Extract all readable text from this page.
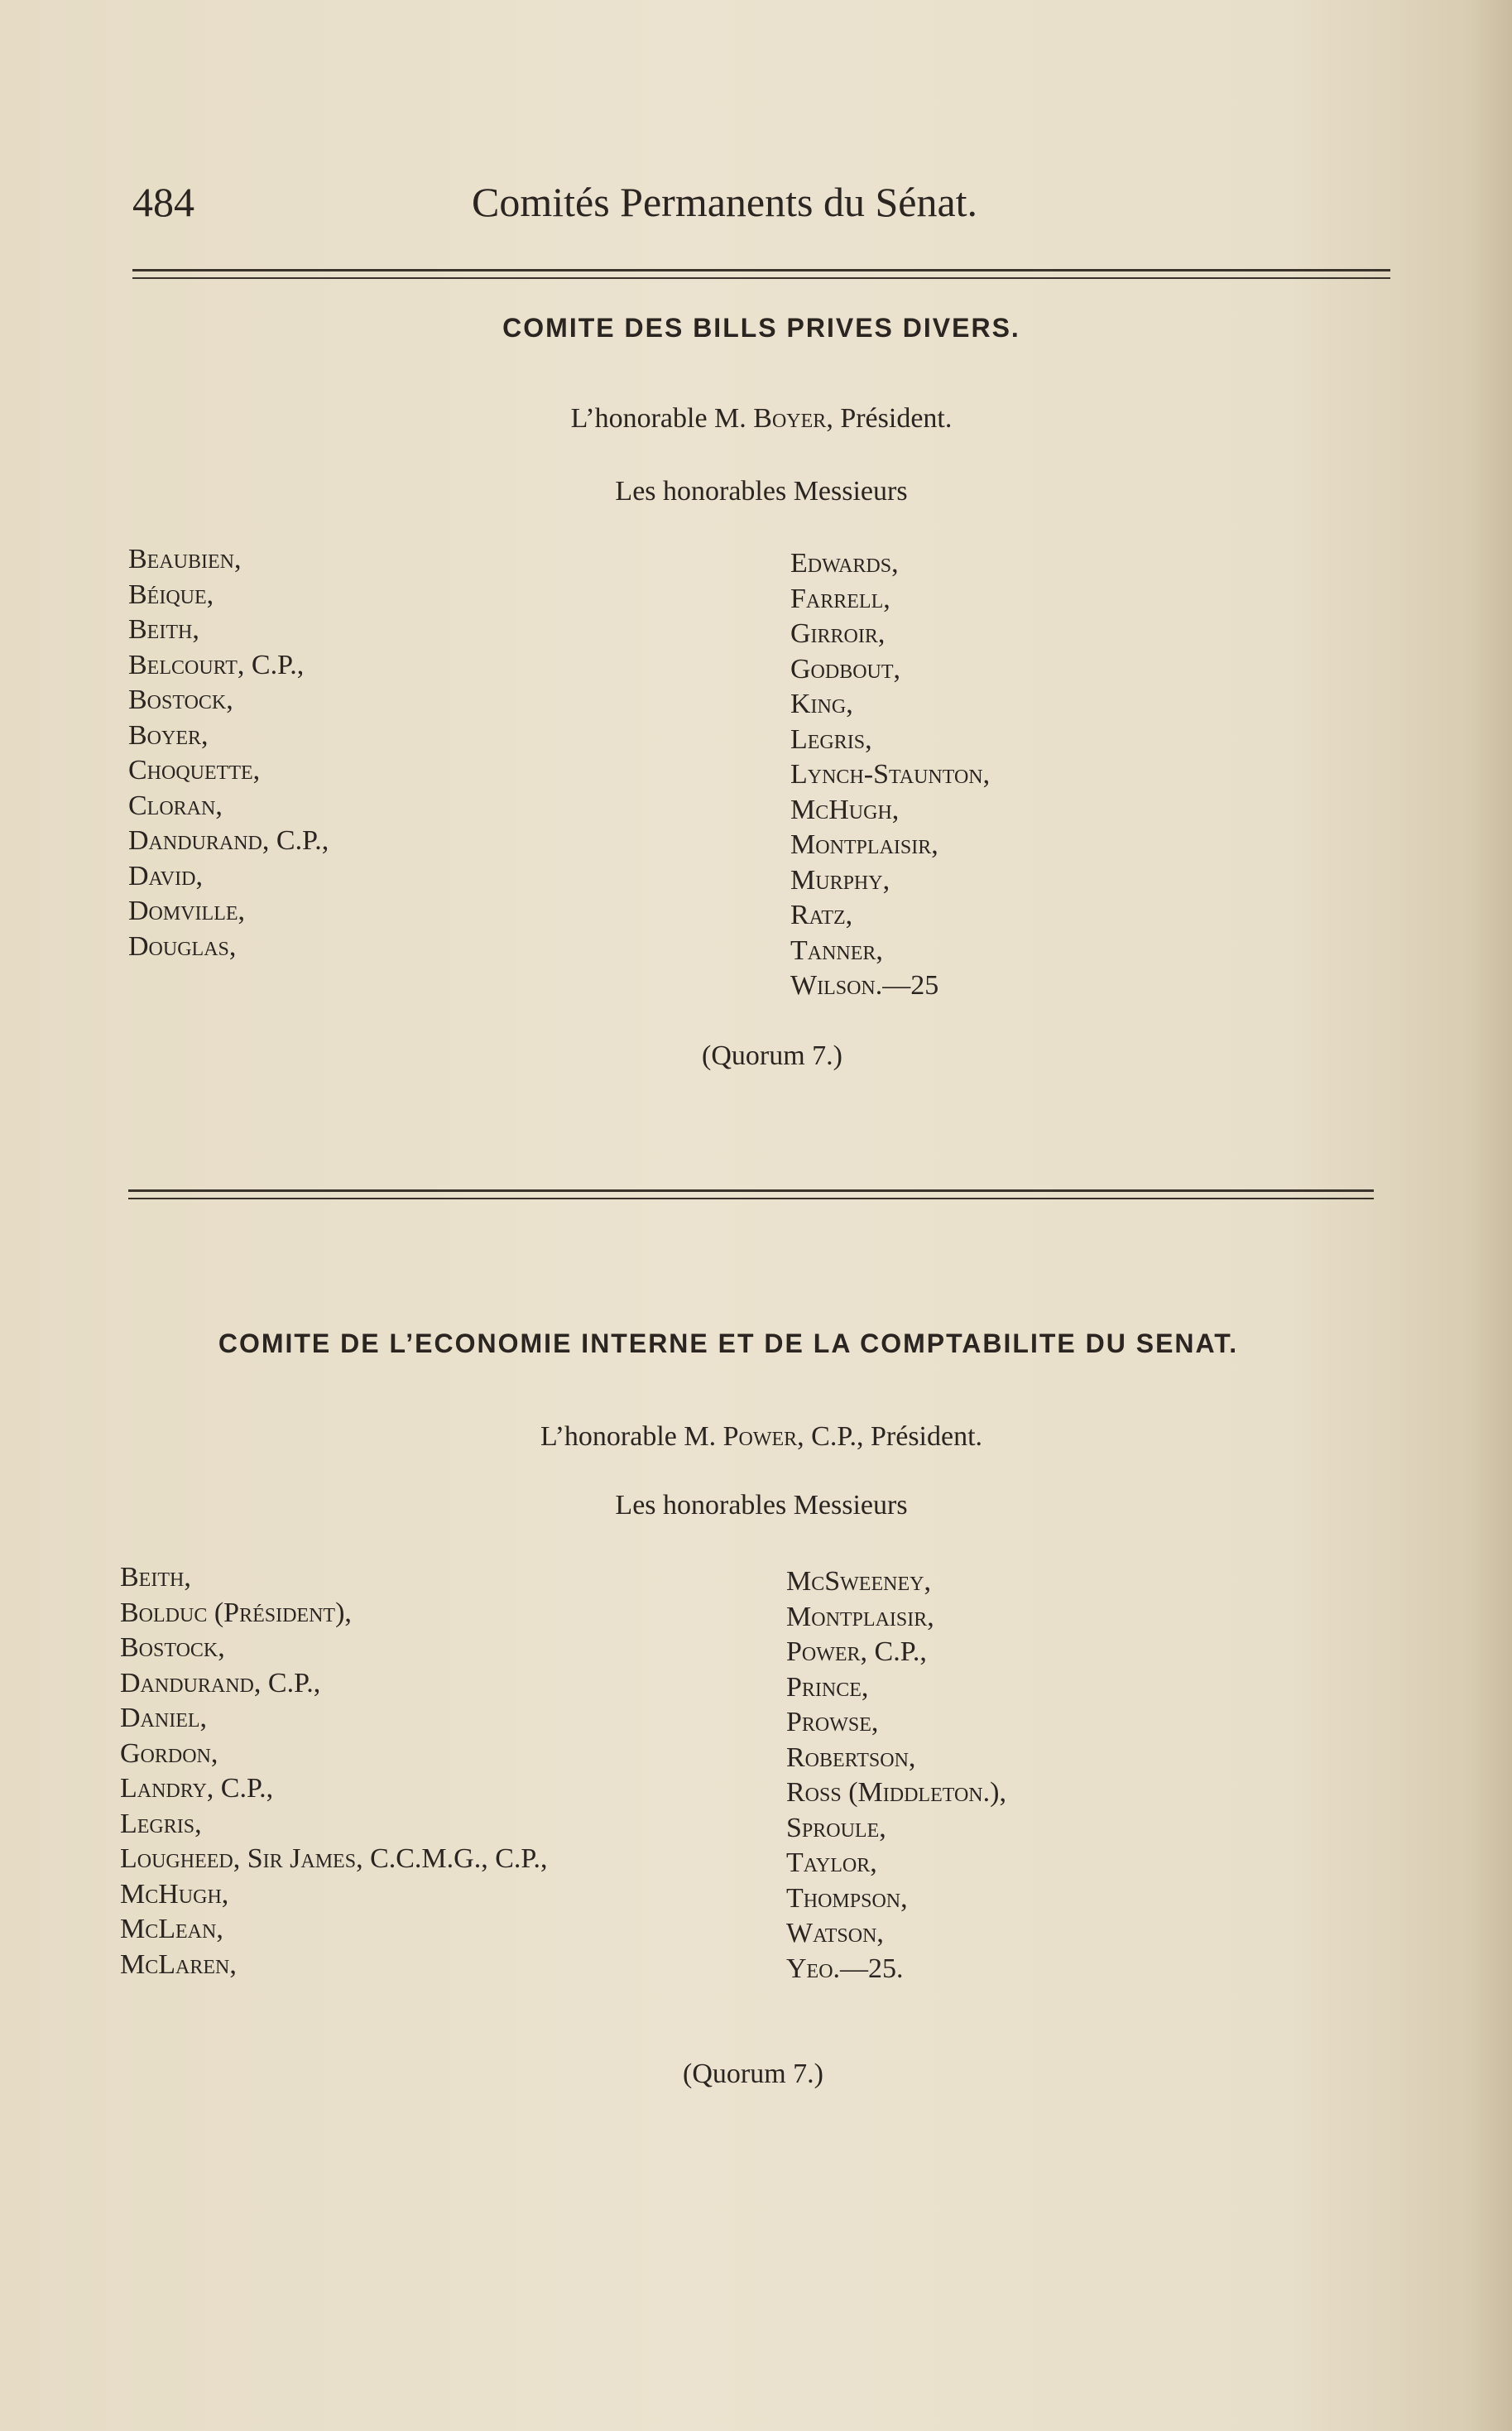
484	Comités Permanents du Sénat.
COMITE DES BILLS PRIVES DIVERS.
L’honorable M. Boyer, Président.
Les honorables Messieurs
Beaubien,
Béique,
Beith,
Belcourt, C.P.,
Bostock,
Boyer,
Choquette,
Cloran,
Dandurand, C.P.,
David,
Domville,
Douglas,
Edwards,
Farrell,
Girroir,
Godbout,
King,
Legris,
Lynch-Staunton,
McHugh,
Montplaisir,
Murphy,
Ratz,
Tanner,
Wilson.—25
(Quorum 7.)
COMITE DE L’ECONOMIE INTERNE ET DE LA COMPTABILITE DU SENAT.
L’honorable M. Power, C.P., Président.
Les honorables Messieurs
Beith,
Bolduc (Président),
Bostock,
Dandurand, C.P.,
Daniel,
Gordon,
Landry, C.P.,
Legris,
Lougheed, Sir James, C.C.M.G., C.P.,
McHugh,
McLean,
McLaren,
McSweeney,
Montplaisir,
Power, C.P.,
Prince,
Prowse,
Robertson,
Ross (Middleton.),
Sproule,
Taylor,
Thompson,
Watson,
Yeo.—25.
(Quorum 7.)
